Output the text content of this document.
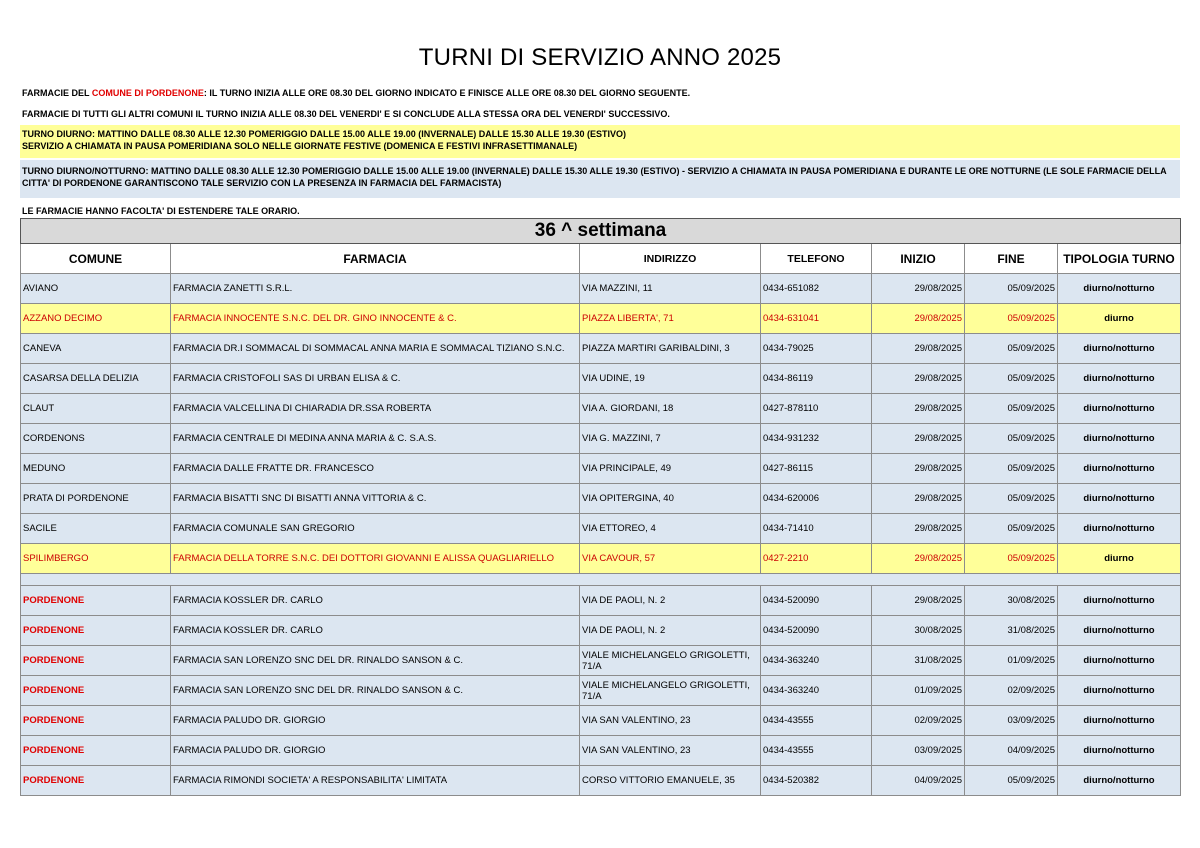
TURNI DI SERVIZIO ANNO 2025
FARMACIE DEL COMUNE DI PORDENONE: IL TURNO INIZIA ALLE ORE 08.30 DEL GIORNO INDICATO E FINISCE ALLE ORE 08.30 DEL GIORNO SEGUENTE.
FARMACIE DI TUTTI GLI ALTRI COMUNI IL TURNO INIZIA ALLE 08.30 DEL VENERDI' E SI CONCLUDE ALLA STESSA ORA DEL VENERDI' SUCCESSIVO.
TURNO DIURNO: MATTINO DALLE 08.30 ALLE 12.30 POMERIGGIO DALLE 15.00 ALLE 19.00 (INVERNALE) DALLE 15.30 ALLE 19.30 (ESTIVO)
SERVIZIO A CHIAMATA IN PAUSA POMERIDIANA SOLO NELLE GIORNATE FESTIVE (DOMENICA E FESTIVI INFRASETTIMANALE)
TURNO DIURNO/NOTTURNO: MATTINO DALLE 08.30 ALLE 12.30 POMERIGGIO DALLE 15.00 ALLE 19.00 (INVERNALE) DALLE 15.30 ALLE 19.30 (ESTIVO) - SERVIZIO A CHIAMATA IN PAUSA POMERIDIANA E DURANTE LE ORE NOTTURNE (LE SOLE FARMACIE DELLA CITTA' DI PORDENONE GARANTISCONO TALE SERVIZIO CON LA PRESENZA IN FARMACIA DEL FARMACISTA)
LE FARMACIE HANNO FACOLTA' DI ESTENDERE TALE ORARIO.
36 ^ settimana						
COMUNE	FARMACIA	INDIRIZZO	TELEFONO	INIZIO	FINE	TIPOLOGIA TURNO
AVIANO	FARMACIA ZANETTI S.R.L.	VIA MAZZINI, 11	0434-651082	29/08/2025	05/09/2025	diurno/notturno
AZZANO DECIMO	FARMACIA INNOCENTE S.N.C. DEL DR. GINO INNOCENTE & C.	PIAZZA LIBERTA', 71	0434-631041	29/08/2025	05/09/2025	diurno
CANEVA	FARMACIA DR.I SOMMACAL DI SOMMACAL ANNA MARIA E SOMMACAL TIZIANO S.N.C.	PIAZZA MARTIRI GARIBALDINI, 3	0434-79025	29/08/2025	05/09/2025	diurno/notturno
CASARSA DELLA DELIZIA	FARMACIA CRISTOFOLI SAS DI URBAN ELISA & C.	VIA UDINE, 19	0434-86119	29/08/2025	05/09/2025	diurno/notturno
CLAUT	FARMACIA VALCELLINA DI CHIARADIA DR.SSA ROBERTA	VIA A. GIORDANI, 18	0427-878110	29/08/2025	05/09/2025	diurno/notturno
CORDENONS	FARMACIA CENTRALE DI MEDINA ANNA MARIA & C. S.A.S.	VIA G. MAZZINI, 7	0434-931232	29/08/2025	05/09/2025	diurno/notturno
MEDUNO	FARMACIA DALLE FRATTE DR. FRANCESCO	VIA PRINCIPALE, 49	0427-86115	29/08/2025	05/09/2025	diurno/notturno
PRATA DI PORDENONE	FARMACIA BISATTI SNC DI BISATTI ANNA VITTORIA & C.	VIA OPITERGINA, 40	0434-620006	29/08/2025	05/09/2025	diurno/notturno
SACILE	FARMACIA COMUNALE SAN GREGORIO	VIA ETTOREO, 4	0434-71410	29/08/2025	05/09/2025	diurno/notturno
SPILIMBERGO	FARMACIA DELLA TORRE S.N.C. DEI DOTTORI GIOVANNI E ALISSA QUAGLIARIELLO	VIA CAVOUR, 57	0427-2210	29/08/2025	05/09/2025	diurno

PORDENONE	FARMACIA KOSSLER DR. CARLO	VIA DE PAOLI, N. 2	0434-520090	29/08/2025	30/08/2025	diurno/notturno
PORDENONE	FARMACIA KOSSLER DR. CARLO	VIA DE PAOLI, N. 2	0434-520090	30/08/2025	31/08/2025	diurno/notturno
PORDENONE	FARMACIA SAN LORENZO SNC DEL DR. RINALDO SANSON & C.	VIALE MICHELANGELO GRIGOLETTI, 71/A	0434-363240	31/08/2025	01/09/2025	diurno/notturno
PORDENONE	FARMACIA SAN LORENZO SNC DEL DR. RINALDO SANSON & C.	VIALE MICHELANGELO GRIGOLETTI, 71/A	0434-363240	01/09/2025	02/09/2025	diurno/notturno
PORDENONE	FARMACIA PALUDO DR. GIORGIO	VIA SAN VALENTINO, 23	0434-43555	02/09/2025	03/09/2025	diurno/notturno
PORDENONE	FARMACIA PALUDO DR. GIORGIO	VIA SAN VALENTINO, 23	0434-43555	03/09/2025	04/09/2025	diurno/notturno
PORDENONE	FARMACIA RIMONDI SOCIETA' A RESPONSABILITA' LIMITATA	CORSO VITTORIO EMANUELE, 35	0434-520382	04/09/2025	05/09/2025	diurno/notturno
